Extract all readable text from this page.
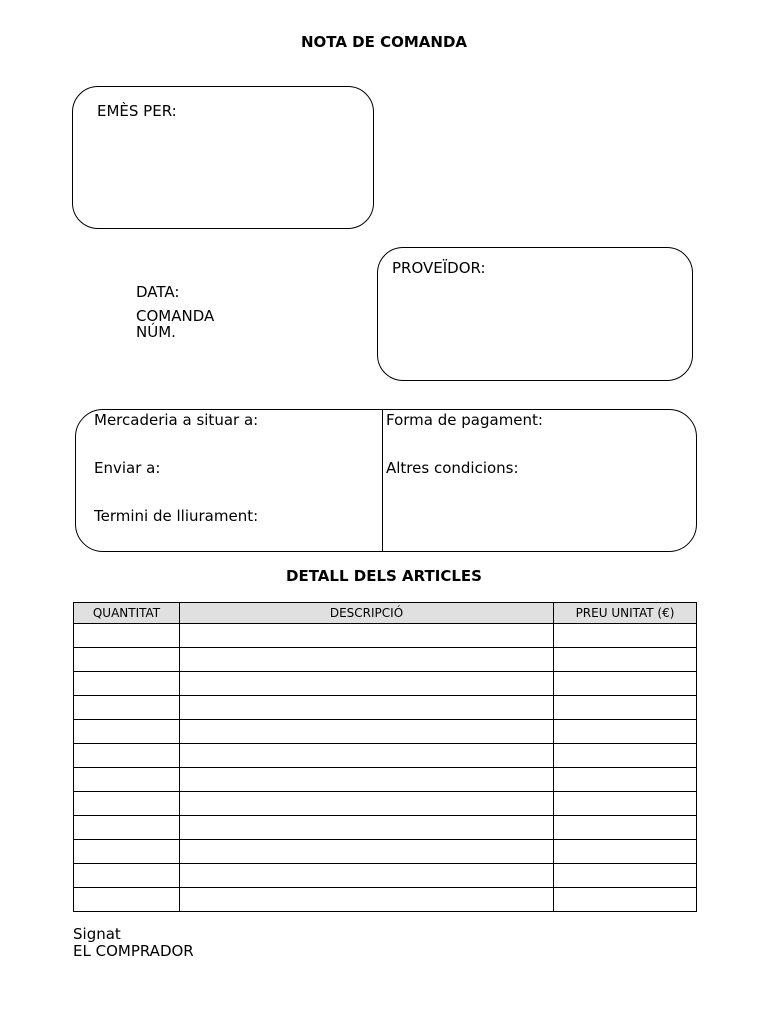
NOTA DE COMANDA
EMÈS PER:
PROVEÏDOR:
DATA:
COMANDA
NÚM.
Mercaderia a situar a:
Enviar a:
Termini de lliurament:
Forma de pagament:
Altres condicions:
DETALL DELS ARTICLES
QUANTITAT	DESCRIPCIÓ	PREU UNITAT (€)

Signat
EL COMPRADOR
